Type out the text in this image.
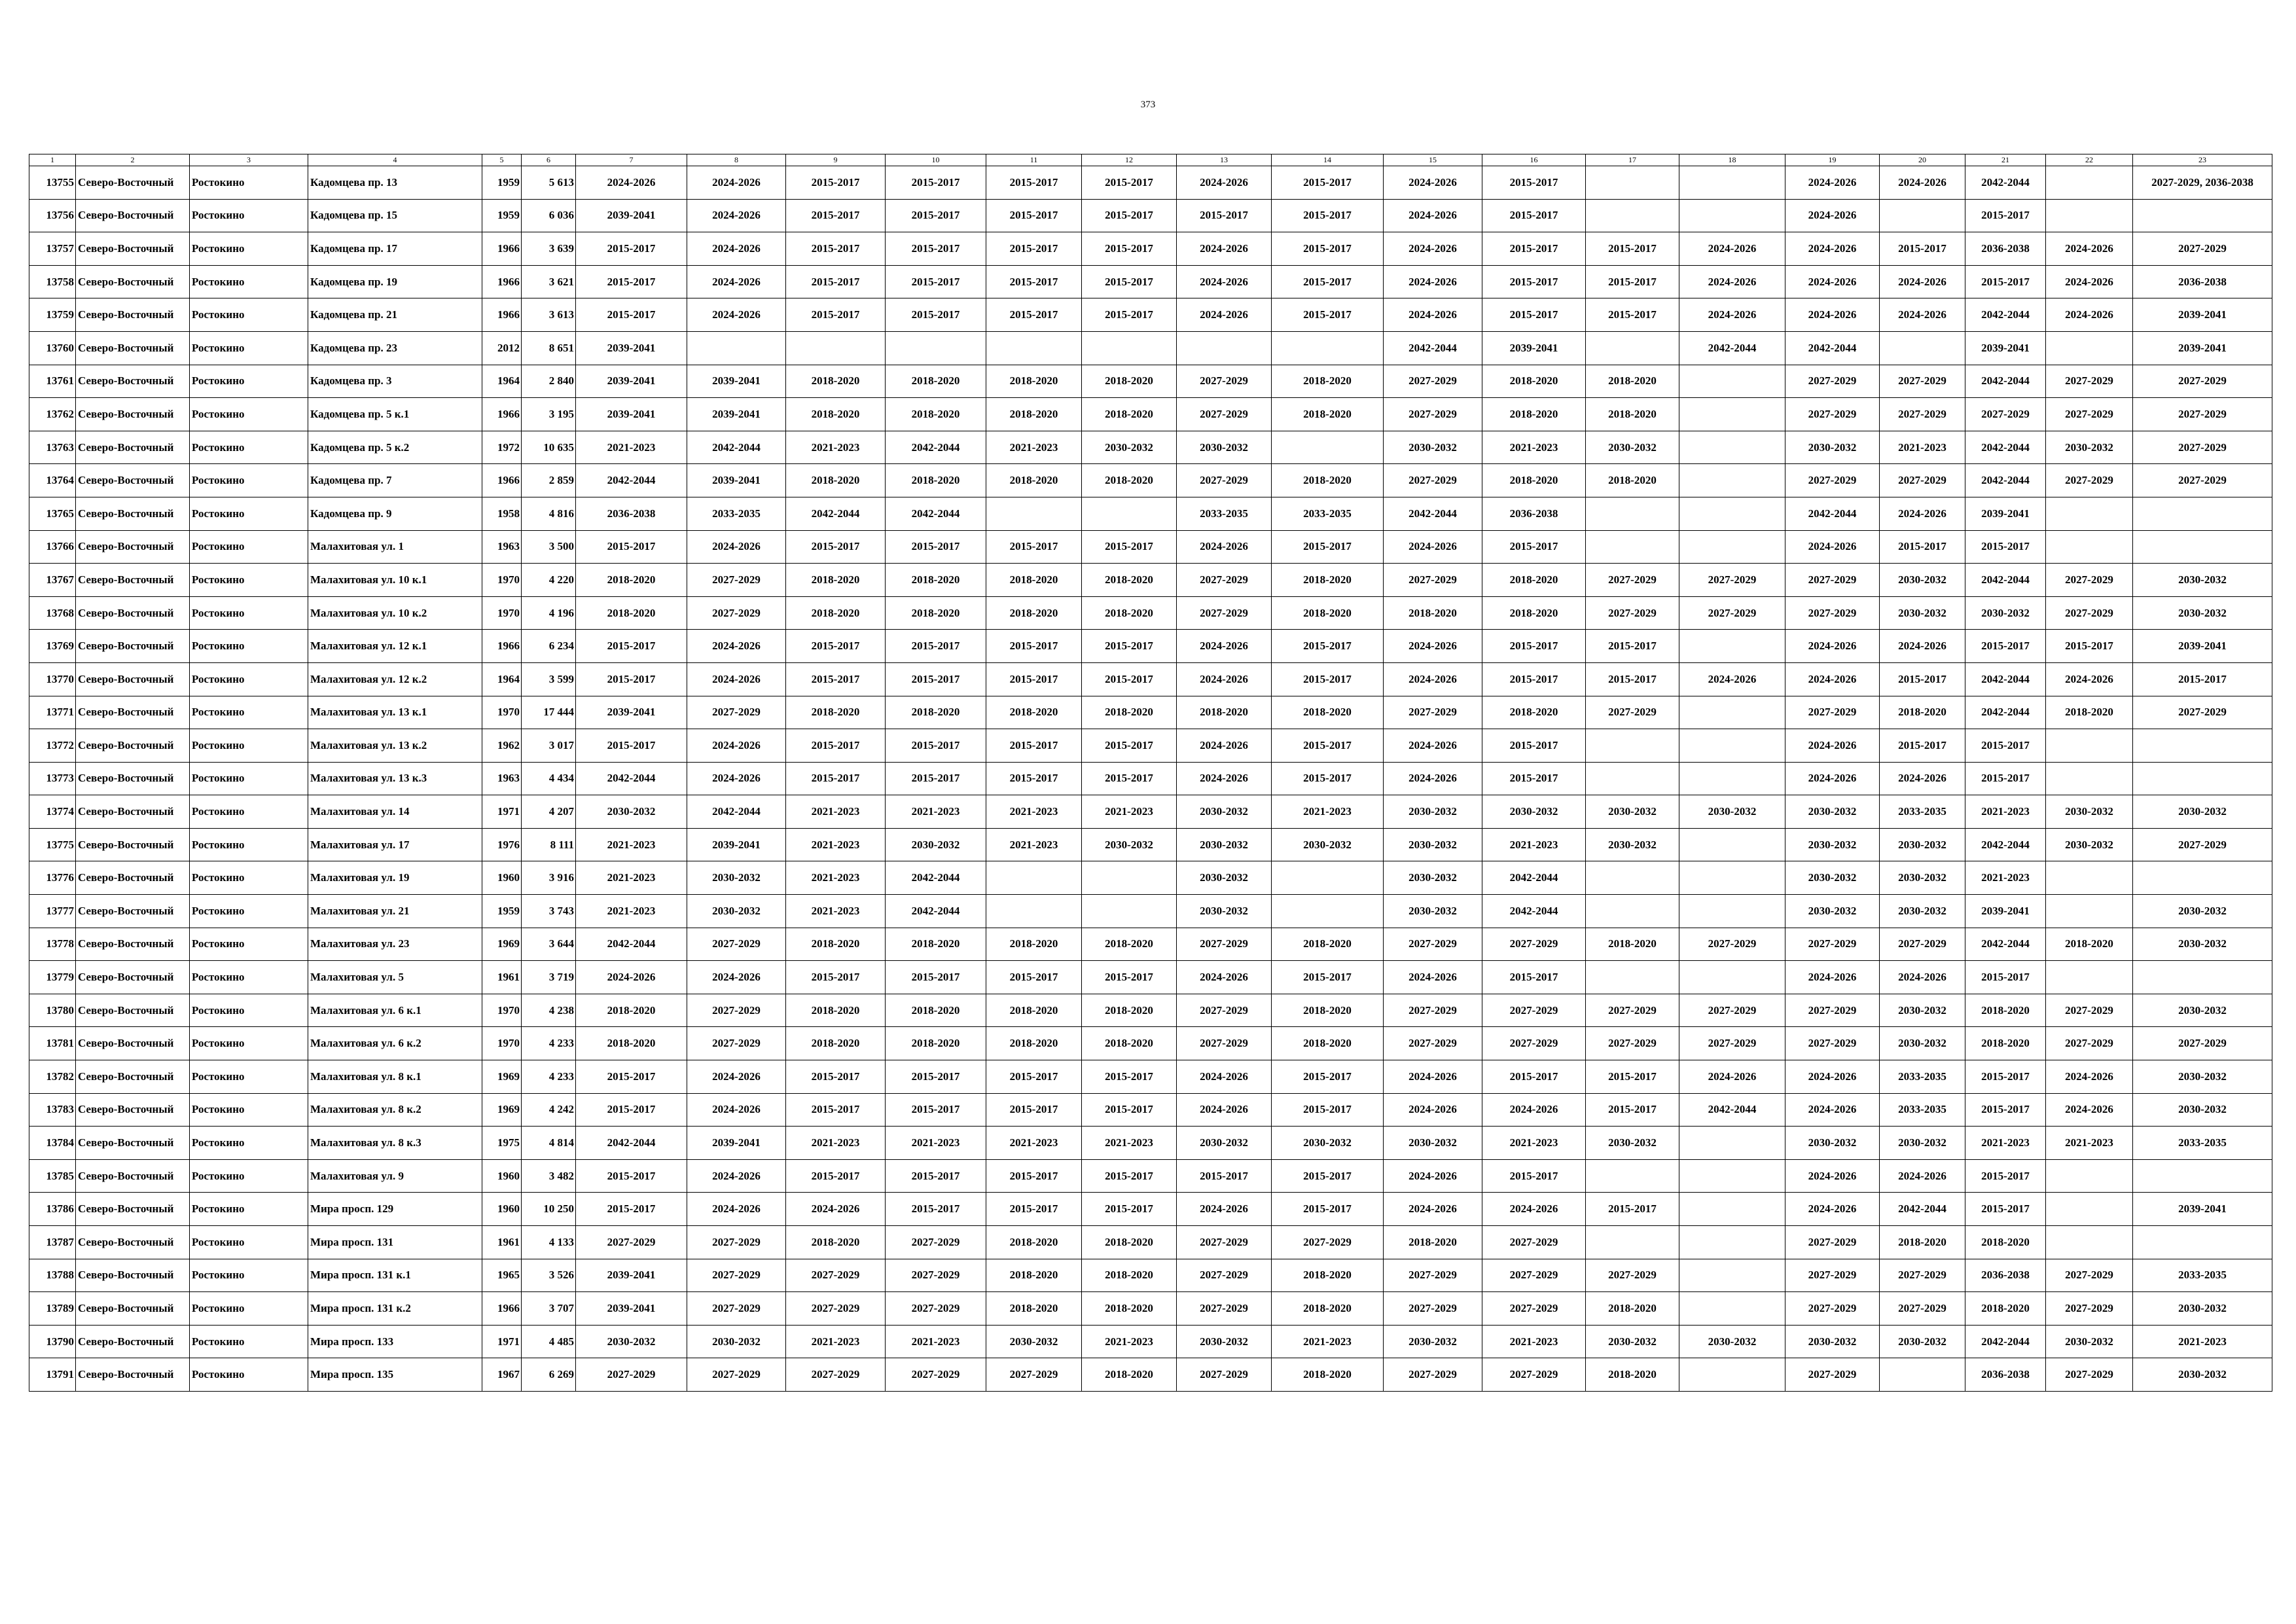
373
1	2	3	4	5	6	7	8	9	10	11	12	13	14	15	16	17	18	19	20	21	22	23
13755	Северо-Восточный	Ростокино	Кадомцева пр. 13	1959	5 613	2024-2026	2024-2026	2015-2017	2015-2017	2015-2017	2015-2017	2024-2026	2015-2017	2024-2026	2015-2017			2024-2026	2024-2026	2042-2044		2027-2029, 2036-2038
13756	Северо-Восточный	Ростокино	Кадомцева пр. 15	1959	6 036	2039-2041	2024-2026	2015-2017	2015-2017	2015-2017	2015-2017	2015-2017	2015-2017	2024-2026	2015-2017			2024-2026		2015-2017		
13757	Северо-Восточный	Ростокино	Кадомцева пр. 17	1966	3 639	2015-2017	2024-2026	2015-2017	2015-2017	2015-2017	2015-2017	2024-2026	2015-2017	2024-2026	2015-2017	2015-2017	2024-2026	2024-2026	2015-2017	2036-2038	2024-2026	2027-2029
13758	Северо-Восточный	Ростокино	Кадомцева пр. 19	1966	3 621	2015-2017	2024-2026	2015-2017	2015-2017	2015-2017	2015-2017	2024-2026	2015-2017	2024-2026	2015-2017	2015-2017	2024-2026	2024-2026	2024-2026	2015-2017	2024-2026	2036-2038
13759	Северо-Восточный	Ростокино	Кадомцева пр. 21	1966	3 613	2015-2017	2024-2026	2015-2017	2015-2017	2015-2017	2015-2017	2024-2026	2015-2017	2024-2026	2015-2017	2015-2017	2024-2026	2024-2026	2024-2026	2042-2044	2024-2026	2039-2041
13760	Северо-Восточный	Ростокино	Кадомцева пр. 23	2012	8 651	2039-2041								2042-2044	2039-2041		2042-2044	2042-2044		2039-2041		2039-2041
13761	Северо-Восточный	Ростокино	Кадомцева пр. 3	1964	2 840	2039-2041	2039-2041	2018-2020	2018-2020	2018-2020	2018-2020	2027-2029	2018-2020	2027-2029	2018-2020	2018-2020		2027-2029	2027-2029	2042-2044	2027-2029	2027-2029
13762	Северо-Восточный	Ростокино	Кадомцева пр. 5 к.1	1966	3 195	2039-2041	2039-2041	2018-2020	2018-2020	2018-2020	2018-2020	2027-2029	2018-2020	2027-2029	2018-2020	2018-2020		2027-2029	2027-2029	2027-2029	2027-2029	2027-2029
13763	Северо-Восточный	Ростокино	Кадомцева пр. 5 к.2	1972	10 635	2021-2023	2042-2044	2021-2023	2042-2044	2021-2023	2030-2032	2030-2032		2030-2032	2021-2023	2030-2032		2030-2032	2021-2023	2042-2044	2030-2032	2027-2029
13764	Северо-Восточный	Ростокино	Кадомцева пр. 7	1966	2 859	2042-2044	2039-2041	2018-2020	2018-2020	2018-2020	2018-2020	2027-2029	2018-2020	2027-2029	2018-2020	2018-2020		2027-2029	2027-2029	2042-2044	2027-2029	2027-2029
13765	Северо-Восточный	Ростокино	Кадомцева пр. 9	1958	4 816	2036-2038	2033-2035	2042-2044	2042-2044			2033-2035	2033-2035	2042-2044	2036-2038			2042-2044	2024-2026	2039-2041		
13766	Северо-Восточный	Ростокино	Малахитовая ул. 1	1963	3 500	2015-2017	2024-2026	2015-2017	2015-2017	2015-2017	2015-2017	2024-2026	2015-2017	2024-2026	2015-2017			2024-2026	2015-2017	2015-2017		
13767	Северо-Восточный	Ростокино	Малахитовая ул. 10 к.1	1970	4 220	2018-2020	2027-2029	2018-2020	2018-2020	2018-2020	2018-2020	2027-2029	2018-2020	2027-2029	2018-2020	2027-2029	2027-2029	2027-2029	2030-2032	2042-2044	2027-2029	2030-2032
13768	Северо-Восточный	Ростокино	Малахитовая ул. 10 к.2	1970	4 196	2018-2020	2027-2029	2018-2020	2018-2020	2018-2020	2018-2020	2027-2029	2018-2020	2018-2020	2018-2020	2027-2029	2027-2029	2027-2029	2030-2032	2030-2032	2027-2029	2030-2032
13769	Северо-Восточный	Ростокино	Малахитовая ул. 12 к.1	1966	6 234	2015-2017	2024-2026	2015-2017	2015-2017	2015-2017	2015-2017	2024-2026	2015-2017	2024-2026	2015-2017	2015-2017		2024-2026	2024-2026	2015-2017	2015-2017	2039-2041
13770	Северо-Восточный	Ростокино	Малахитовая ул. 12 к.2	1964	3 599	2015-2017	2024-2026	2015-2017	2015-2017	2015-2017	2015-2017	2024-2026	2015-2017	2024-2026	2015-2017	2015-2017	2024-2026	2024-2026	2015-2017	2042-2044	2024-2026	2015-2017
13771	Северо-Восточный	Ростокино	Малахитовая ул. 13 к.1	1970	17 444	2039-2041	2027-2029	2018-2020	2018-2020	2018-2020	2018-2020	2018-2020	2018-2020	2027-2029	2018-2020	2027-2029		2027-2029	2018-2020	2042-2044	2018-2020	2027-2029
13772	Северо-Восточный	Ростокино	Малахитовая ул. 13 к.2	1962	3 017	2015-2017	2024-2026	2015-2017	2015-2017	2015-2017	2015-2017	2024-2026	2015-2017	2024-2026	2015-2017			2024-2026	2015-2017	2015-2017		
13773	Северо-Восточный	Ростокино	Малахитовая ул. 13 к.3	1963	4 434	2042-2044	2024-2026	2015-2017	2015-2017	2015-2017	2015-2017	2024-2026	2015-2017	2024-2026	2015-2017			2024-2026	2024-2026	2015-2017		
13774	Северо-Восточный	Ростокино	Малахитовая ул. 14	1971	4 207	2030-2032	2042-2044	2021-2023	2021-2023	2021-2023	2021-2023	2030-2032	2021-2023	2030-2032	2030-2032	2030-2032	2030-2032	2030-2032	2033-2035	2021-2023	2030-2032	2030-2032
13775	Северо-Восточный	Ростокино	Малахитовая ул. 17	1976	8 111	2021-2023	2039-2041	2021-2023	2030-2032	2021-2023	2030-2032	2030-2032	2030-2032	2030-2032	2021-2023	2030-2032		2030-2032	2030-2032	2042-2044	2030-2032	2027-2029
13776	Северо-Восточный	Ростокино	Малахитовая ул. 19	1960	3 916	2021-2023	2030-2032	2021-2023	2042-2044			2030-2032		2030-2032	2042-2044			2030-2032	2030-2032	2021-2023		
13777	Северо-Восточный	Ростокино	Малахитовая ул. 21	1959	3 743	2021-2023	2030-2032	2021-2023	2042-2044			2030-2032		2030-2032	2042-2044			2030-2032	2030-2032	2039-2041		2030-2032
13778	Северо-Восточный	Ростокино	Малахитовая ул. 23	1969	3 644	2042-2044	2027-2029	2018-2020	2018-2020	2018-2020	2018-2020	2027-2029	2018-2020	2027-2029	2027-2029	2018-2020	2027-2029	2027-2029	2027-2029	2042-2044	2018-2020	2030-2032
13779	Северо-Восточный	Ростокино	Малахитовая ул. 5	1961	3 719	2024-2026	2024-2026	2015-2017	2015-2017	2015-2017	2015-2017	2024-2026	2015-2017	2024-2026	2015-2017			2024-2026	2024-2026	2015-2017		
13780	Северо-Восточный	Ростокино	Малахитовая ул. 6 к.1	1970	4 238	2018-2020	2027-2029	2018-2020	2018-2020	2018-2020	2018-2020	2027-2029	2018-2020	2027-2029	2027-2029	2027-2029	2027-2029	2027-2029	2030-2032	2018-2020	2027-2029	2030-2032
13781	Северо-Восточный	Ростокино	Малахитовая ул. 6 к.2	1970	4 233	2018-2020	2027-2029	2018-2020	2018-2020	2018-2020	2018-2020	2027-2029	2018-2020	2027-2029	2027-2029	2027-2029	2027-2029	2027-2029	2030-2032	2018-2020	2027-2029	2027-2029
13782	Северо-Восточный	Ростокино	Малахитовая ул. 8 к.1	1969	4 233	2015-2017	2024-2026	2015-2017	2015-2017	2015-2017	2015-2017	2024-2026	2015-2017	2024-2026	2015-2017	2015-2017	2024-2026	2024-2026	2033-2035	2015-2017	2024-2026	2030-2032
13783	Северо-Восточный	Ростокино	Малахитовая ул. 8 к.2	1969	4 242	2015-2017	2024-2026	2015-2017	2015-2017	2015-2017	2015-2017	2024-2026	2015-2017	2024-2026	2024-2026	2015-2017	2042-2044	2024-2026	2033-2035	2015-2017	2024-2026	2030-2032
13784	Северо-Восточный	Ростокино	Малахитовая ул. 8 к.3	1975	4 814	2042-2044	2039-2041	2021-2023	2021-2023	2021-2023	2021-2023	2030-2032	2030-2032	2030-2032	2021-2023	2030-2032		2030-2032	2030-2032	2021-2023	2021-2023	2033-2035
13785	Северо-Восточный	Ростокино	Малахитовая ул. 9	1960	3 482	2015-2017	2024-2026	2015-2017	2015-2017	2015-2017	2015-2017	2015-2017	2015-2017	2024-2026	2015-2017			2024-2026	2024-2026	2015-2017		
13786	Северо-Восточный	Ростокино	Мира просп. 129	1960	10 250	2015-2017	2024-2026	2024-2026	2015-2017	2015-2017	2015-2017	2024-2026	2015-2017	2024-2026	2024-2026	2015-2017		2024-2026	2042-2044	2015-2017		2039-2041
13787	Северо-Восточный	Ростокино	Мира просп. 131	1961	4 133	2027-2029	2027-2029	2018-2020	2027-2029	2018-2020	2018-2020	2027-2029	2027-2029	2018-2020	2027-2029			2027-2029	2018-2020	2018-2020		
13788	Северо-Восточный	Ростокино	Мира просп. 131 к.1	1965	3 526	2039-2041	2027-2029	2027-2029	2027-2029	2018-2020	2018-2020	2027-2029	2018-2020	2027-2029	2027-2029	2027-2029		2027-2029	2027-2029	2036-2038	2027-2029	2033-2035
13789	Северо-Восточный	Ростокино	Мира просп. 131 к.2	1966	3 707	2039-2041	2027-2029	2027-2029	2027-2029	2018-2020	2018-2020	2027-2029	2018-2020	2027-2029	2027-2029	2018-2020		2027-2029	2027-2029	2018-2020	2027-2029	2030-2032
13790	Северо-Восточный	Ростокино	Мира просп. 133	1971	4 485	2030-2032	2030-2032	2021-2023	2021-2023	2030-2032	2021-2023	2030-2032	2021-2023	2030-2032	2021-2023	2030-2032	2030-2032	2030-2032	2030-2032	2042-2044	2030-2032	2021-2023
13791	Северо-Восточный	Ростокино	Мира просп. 135	1967	6 269	2027-2029	2027-2029	2027-2029	2027-2029	2027-2029	2018-2020	2027-2029	2018-2020	2027-2029	2027-2029	2018-2020		2027-2029		2036-2038	2027-2029	2030-2032
